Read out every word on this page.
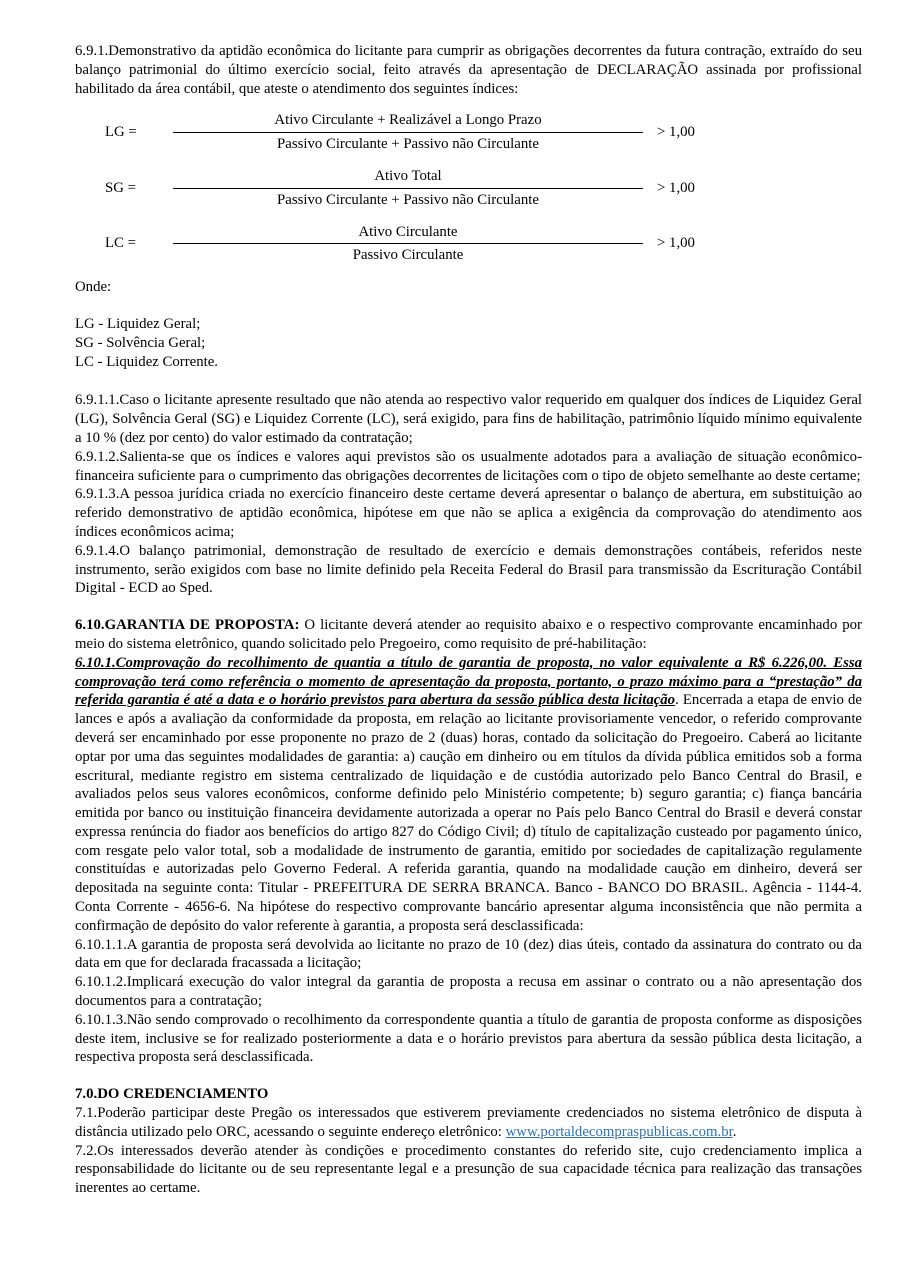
6.9.1.Demonstrativo da aptidão econômica do licitante para cumprir as obrigações decorrentes da futura contração, extraído do seu balanço patrimonial do último exercício social, feito através da apresentação de DECLARAÇÃO assinada por profissional habilitado da área contábil, que ateste o atendimento dos seguintes índices:

LG =	$\frac{\text{Ativo Circulante + Realizável a Longo Prazo}}{\text{Passivo Circulante + Passivo não Circulante}} > 1,00$
SG =	$\frac{\text{Ativo Total}}{\text{Passivo Circulante + Passivo não Circulante}} > 1,00$
LC =	$\frac{\text{Ativo Circulante}}{\text{Passivo Circulante}} > 1,00$

Onde:

LG - Liquidez Geral;

SG - Solvência Geral;

LC - Liquidez Corrente.

6.9.1.1.Caso o licitante apresente resultado que não atenda ao respectivo valor requerido em qualquer dos índices de Liquidez Geral (LG), Solvência Geral (SG) e Liquidez Corrente (LC), será exigido, para fins de habilitação, patrimônio líquido mínimo equivalente a 10 % (dez por cento) do valor estimado da contratação;

6.9.1.2.Salienta-se que os índices e valores aqui previstos são os usualmente adotados para a avaliação de situação econômico-financeira suficiente para o cumprimento das obrigações decorrentes de licitações com o tipo de objeto semelhante ao deste certame;

6.9.1.3.A pessoa jurídica criada no exercício financeiro deste certame deverá apresentar o balanço de abertura, em substituição ao referido demonstrativo de aptidão econômica, hipótese em que não se aplica a exigência da comprovação do atendimento aos índices econômicos acima;

6.9.1.4.O balanço patrimonial, demonstração de resultado de exercício e demais demonstrações contábeis, referidos neste instrumento, serão exigidos com base no limite definido pela Receita Federal do Brasil para transmissão da Escrituração Contábil Digital - ECD ao Sped.

6.10.GARANTIA DE PROPOSTA: O licitante deverá atender ao requisito abaixo e o respectivo comprovante encaminhado por meio do sistema eletrônico, quando solicitado pelo Pregoeiro, como requisito de pré-habilitação:

6.10.1.Comprovação do recolhimento de quantia a título de garantia de proposta, no valor equivalente a R$ 6.226,00. Essa comprovação terá como referência o momento de apresentação da proposta, portanto, o prazo máximo para a “prestação” da referida garantia é até a data e o horário previstos para abertura da sessão pública desta licitação. Encerrada a etapa de envio de lances e após a avaliação da conformidade da proposta, em relação ao licitante provisoriamente vencedor, o referido comprovante deverá ser encaminhado por esse proponente no prazo de 2 (duas) horas, contado da solicitação do Pregoeiro. Caberá ao licitante optar por uma das seguintes modalidades de garantia: a) caução em dinheiro ou em títulos da dívida pública emitidos sob a forma escritural, mediante registro em sistema centralizado de liquidação e de custódia autorizado pelo Banco Central do Brasil, e avaliados pelos seus valores econômicos, conforme definido pelo Ministério competente; b) seguro garantia; c) fiança bancária emitida por banco ou instituição financeira devidamente autorizada a operar no País pelo Banco Central do Brasil e deverá constar expressa renúncia do fiador aos benefícios do artigo 827 do Código Civil; d) título de capitalização custeado por pagamento único, com resgate pelo valor total, sob a modalidade de instrumento de garantia, emitido por sociedades de capitalização regulamente constituídas e autorizadas pelo Governo Federal. A referida garantia, quando na modalidade caução em dinheiro, deverá ser depositada na seguinte conta: Titular - PREFEITURA DE SERRA BRANCA. Banco - BANCO DO BRASIL. Agência - 1144-4. Conta Corrente - 4656-6. Na hipótese do respectivo comprovante bancário apresentar alguma inconsistência que não permita a confirmação de depósito do valor referente à garantia, a proposta será desclassificada:

6.10.1.1.A garantia de proposta será devolvida ao licitante no prazo de 10 (dez) dias úteis, contado da assinatura do contrato ou da data em que for declarada fracassada a licitação;

6.10.1.2.Implicará execução do valor integral da garantia de proposta a recusa em assinar o contrato ou a não apresentação dos documentos para a contratação;

6.10.1.3.Não sendo comprovado o recolhimento da correspondente quantia a título de garantia de proposta conforme as disposições deste item, inclusive se for realizado posteriormente a data e o horário previstos para abertura da sessão pública desta licitação, a respectiva proposta será desclassificada.

7.0.DO CREDENCIAMENTO

7.1.Poderão participar deste Pregão os interessados que estiverem previamente credenciados no sistema eletrônico de disputa à distância utilizado pelo ORC, acessando o seguinte endereço eletrônico: www.portaldecompraspublicas.com.br.

7.2.Os interessados deverão atender às condições e procedimento constantes do referido site, cujo credenciamento implica a responsabilidade do licitante ou de seu representante legal e a presunção de sua capacidade técnica para realização das transações inerentes ao certame.
